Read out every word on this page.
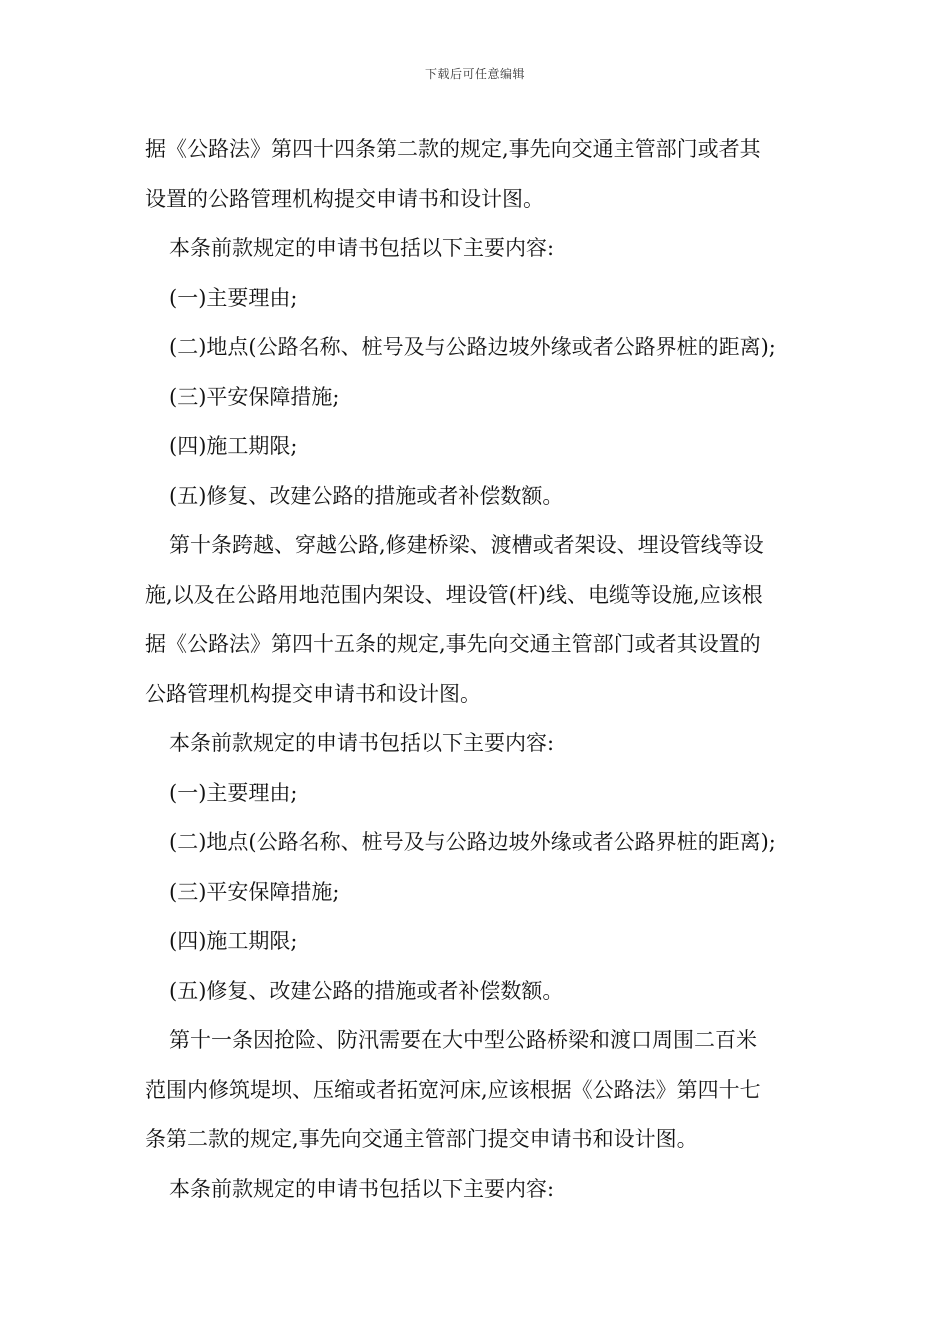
下载后可任意编辑
据《公路法》第四十四条第二款的规定,事先向交通主管部门或者其
设置的公路管理机构提交申请书和设计图。
本条前款规定的申请书包括以下主要内容:
(一)主要理由;
(二)地点(公路名称、桩号及与公路边坡外缘或者公路界桩的距离);
(三)平安保障措施;
(四)施工期限;
(五)修复、改建公路的措施或者补偿数额。
第十条跨越、穿越公路,修建桥梁、渡槽或者架设、埋设管线等设
施,以及在公路用地范围内架设、埋设管(杆)线、电缆等设施,应该根
据《公路法》第四十五条的规定,事先向交通主管部门或者其设置的
公路管理机构提交申请书和设计图。
本条前款规定的申请书包括以下主要内容:
(一)主要理由;
(二)地点(公路名称、桩号及与公路边坡外缘或者公路界桩的距离);
(三)平安保障措施;
(四)施工期限;
(五)修复、改建公路的措施或者补偿数额。
第十一条因抢险、防汛需要在大中型公路桥梁和渡口周围二百米
范围内修筑堤坝、压缩或者拓宽河床,应该根据《公路法》第四十七
条第二款的规定,事先向交通主管部门提交申请书和设计图。
本条前款规定的申请书包括以下主要内容:
